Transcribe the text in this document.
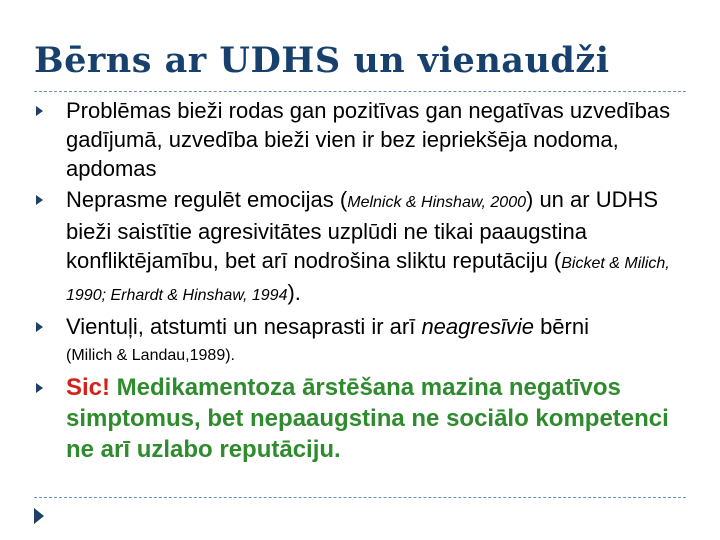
Bērns ar UDHS un vienaudži
Problēmas bieži rodas gan pozitīvas gan negatīvas uzvedības gadījumā, uzvedība bieži vien ir bez iepriekšēja nodoma, apdomas
Neprasme regulēt emocijas (Melnick & Hinshaw, 2000) un ar UDHS bieži saistītie agresivitātes uzplūdi ne tikai paaugstina konfliktējamību, bet arī nodrošina sliktu reputāciju (Bicket & Milich, 1990; Erhardt & Hinshaw, 1994).
Vientuļi, atstumti un nesaprasti ir arī neagresīvie bērni
(Milich & Landau,1989).
Sic! Medikamentoza ārstēšana mazina negatīvos simptomus, bet nepaaugstina ne sociālo kompetenci ne arī uzlabo reputāciju.
